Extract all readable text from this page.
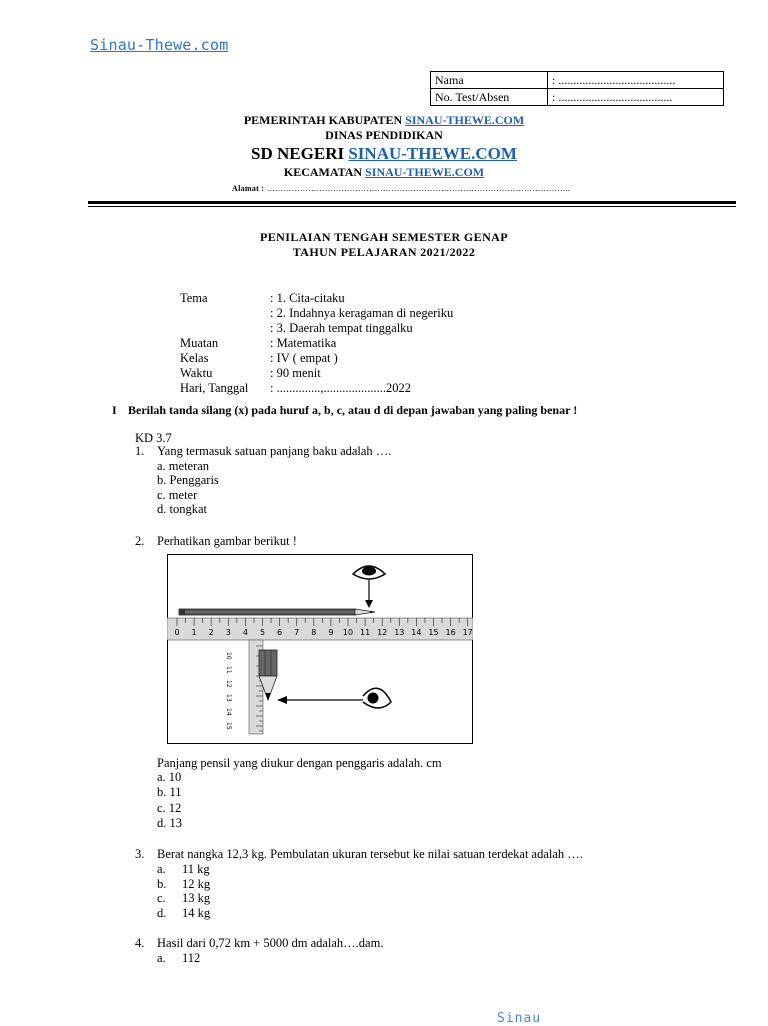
Sinau-Thewe.com
Nama	: .......................................
No. Test/Absen	: ......................................
PEMERINTAH KABUPATEN SINAU-THEWE.COM
DINAS PENDIDIKAN
SD NEGERI SINAU-THEWE.COM
KECAMATAN SINAU-THEWE.COM
Alamat : ………………………………………………………………………………………………..
PENILAIAN TENGAH SEMESTER GENAP
TAHUN PELAJARAN 2021/2022
Tema	: 1. Cita-citaku
: 2. Indahnya keragaman di negeriku
: 3. Daerah tempat tinggalku
Muatan	: Matematika
Kelas	: IV ( empat )
Waktu	: 90 menit
Hari, Tanggal : ..............,....................2022
I Berilah tanda silang (x) pada huruf a, b, c, atau d di depan jawaban yang paling benar !
KD 3.7
1. Yang termasuk satuan panjang baku adalah ….
a. meteran
b. Penggaris
c. meter
d. tongkat
2. Perhatikan gambar berikut !
0 1 2 3 4 5 6 7 8 9 10 11 12 13 14 15 16 17
10
11
12
13
14
15
Panjang pensil yang diukur dengan penggaris adalah. cm
a. 10
b. 11
c. 12
d. 13
3. Berat nangka 12,3 kg. Pembulatan ukuran tersebut ke nilai satuan terdekat adalah ….
a. 11 kg
b. 12 kg
c. 13 kg
d. 14 kg
4. Hasil dari 0,72 km + 5000 dm adalah….dam.
a. 112
Sinau
